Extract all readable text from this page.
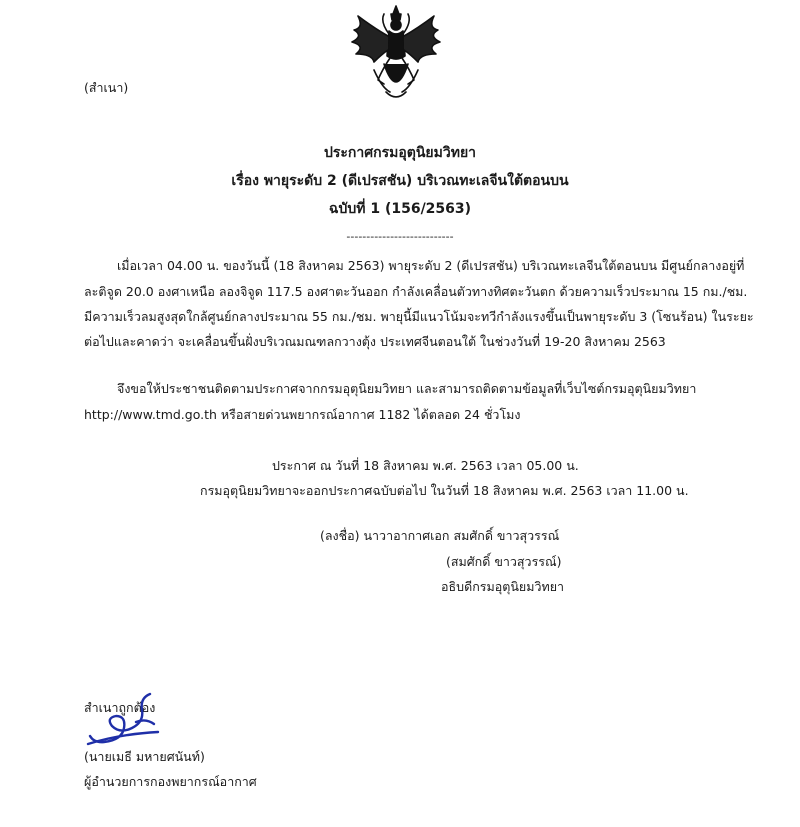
(สำเนา)
ประกาศกรมอุตุนิยมวิทยา
เรื่อง พายุระดับ 2 (ดีเปรสชัน) บริเวณทะเลจีนใต้ตอนบน
ฉบับที่ 1 (156/2563)
---------------------------
เมื่อเวลา 04.00 น. ของวันนี้ (18 สิงหาคม 2563) พายุระดับ 2 (ดีเปรสชัน) บริเวณทะเลจีนใต้ตอนบน มีศูนย์กลางอยู่ที่
ละติจูด 20.0 องศาเหนือ ลองจิจูด 117.5 องศาตะวันออก กำลังเคลื่อนตัวทางทิศตะวันตก ด้วยความเร็วประมาณ 15 กม./ชม.
มีความเร็วลมสูงสุดใกล้ศูนย์กลางประมาณ 55 กม./ชม. พายุนี้มีแนวโน้มจะทวีกำลังแรงขึ้นเป็นพายุระดับ 3 (โซนร้อน) ในระยะ
ต่อไปและคาดว่า จะเคลื่อนขึ้นฝั่งบริเวณมณฑลกวางตุ้ง ประเทศจีนตอนใต้ ในช่วงวันที่ 19-20 สิงหาคม 2563
จึงขอให้ประชาชนติดตามประกาศจากกรมอุตุนิยมวิทยา และสามารถติดตามข้อมูลที่เว็บไซต์กรมอุตุนิยมวิทยา
http://www.tmd.go.th หรือสายด่วนพยากรณ์อากาศ 1182 ได้ตลอด 24 ชั่วโมง
ประกาศ ณ วันที่ 18 สิงหาคม พ.ศ. 2563 เวลา 05.00 น.
กรมอุตุนิยมวิทยาจะออกประกาศฉบับต่อไป ในวันที่ 18 สิงหาคม พ.ศ. 2563 เวลา 11.00 น.
(ลงชื่อ) นาวาอากาศเอก สมศักดิ์ ขาวสุวรรณ์
(สมศักดิ์ ขาวสุวรรณ์)
อธิบดีกรมอุตุนิยมวิทยา
สำเนาถูกต้อง
(นายเมธี มหายศนันท์)
ผู้อำนวยการกองพยากรณ์อากาศ
